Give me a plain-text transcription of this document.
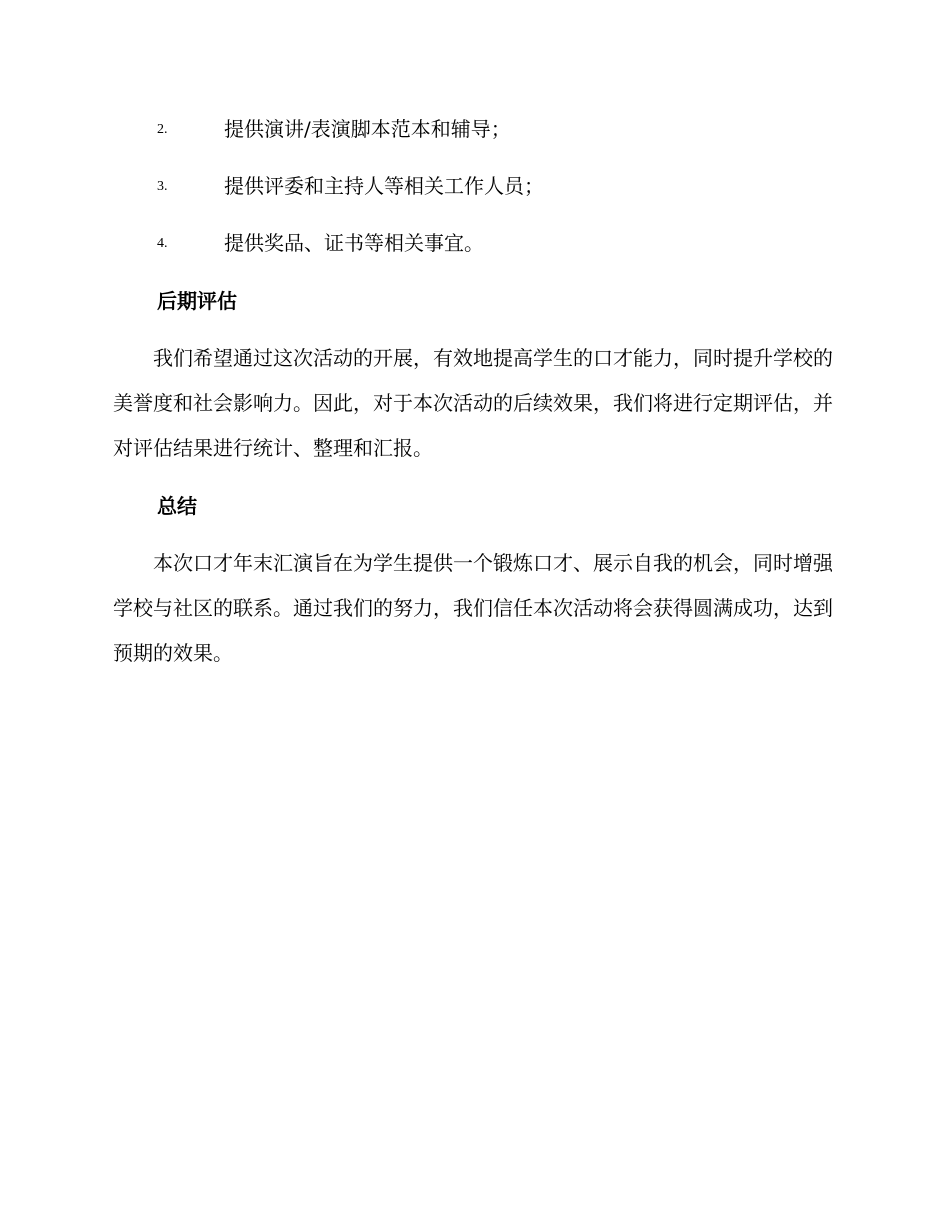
2.	提供演讲/表演脚本范本和辅导；
3.	提供评委和主持人等相关工作人员；
4.	提供奖品、证书等相关事宜。
后期评估

我们希望通过这次活动的开展，有效地提高学生的口才能力，同时提升学校的美誉度和社会影响力。因此，对于本次活动的后续效果，我们将进行定期评估，并对评估结果进行统计、整理和汇报。

总结

本次口才年末汇演旨在为学生提供一个锻炼口才、展示自我的机会，同时增强学校与社区的联系。通过我们的努力，我们信任本次活动将会获得圆满成功，达到预期的效果。
